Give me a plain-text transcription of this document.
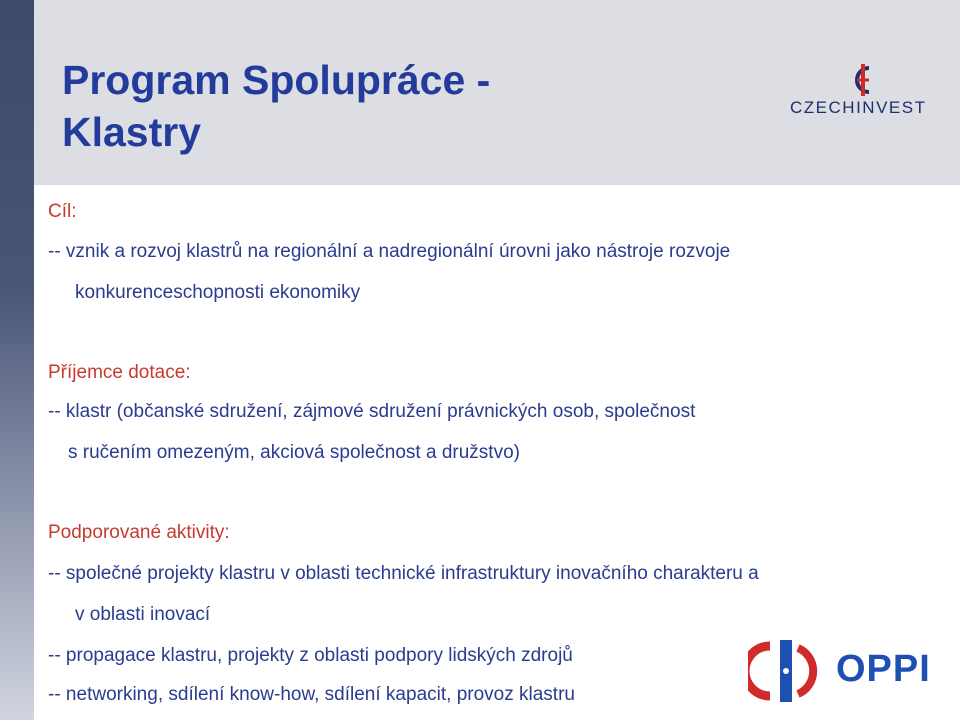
Program Spolupráce -
Klastry
CZECHINVEST

Cíl:

-- vznik a rozvoj klastrů na regionální a nadregionální úrovni jako nástroje rozvoje

konkurenceschopnosti ekonomiky

Příjemce dotace:

-- klastr (občanské sdružení, zájmové sdružení právnických osob, společnost

s ručením omezeným, akciová společnost a družstvo)

Podporované aktivity:

-- společné projekty klastru v oblasti technické infrastruktury inovačního charakteru a

v oblasti inovací

-- propagace klastru, projekty z oblasti podpory lidských zdrojů

-- networking, sdílení know-how, sdílení kapacit, provoz klastru

OPPI
